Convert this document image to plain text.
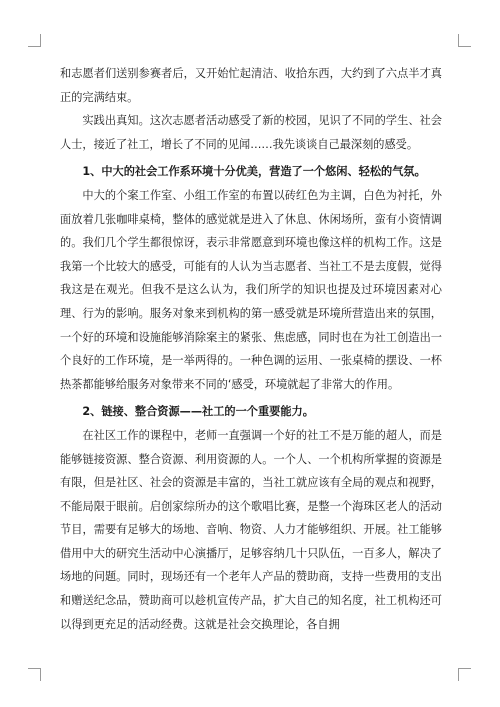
和志愿者们送别参赛者后，又开始忙起清洁、收拾东西，大约到了六点半才真正的完满结束。

实践出真知。这次志愿者活动感受了新的校园，见识了不同的学生、社会人士，接近了社工，增长了不同的见闻……我先谈谈自己最深刻的感受。

1、中大的社会工作系环境十分优美，营造了一个悠闲、轻松的气氛。

中大的个案工作室、小组工作室的布置以砖红色为主调，白色为衬托，外面放着几张咖啡桌椅，整体的感觉就是进入了休息、休闲场所，蛮有小资情调的。我们几个学生都很惊讶，表示非常愿意到环境也像这样的机构工作。这是我第一个比较大的感受，可能有的人认为当志愿者、当社工不是去度假，觉得我这是在观光。但我不是这么认为，我们所学的知识也提及过环境因素对心理、行为的影响。服务对象来到机构的第一感受就是环境所营造出来的氛围，一个好的环境和设施能够消除案主的紧张、焦虑感，同时也在为社工创造出一个良好的工作环境，是一举两得的。一种色调的运用、一张桌椅的摆设、一杯热茶都能够给服务对象带来不同的‘感受，环境就起了非常大的作用。

2、链接、整合资源——社工的一个重要能力。

在社区工作的课程中，老师一直强调一个好的社工不是万能的超人，而是能够链接资源、整合资源、利用资源的人。一个人、一个机构所掌握的资源是有限，但是社区、社会的资源是丰富的，当社工就应该有全局的观点和视野，不能局限于眼前。启创家综所办的这个歌唱比赛，是整一个海珠区老人的活动节目，需要有足够大的场地、音响、物资、人力才能够组织、开展。社工能够借用中大的研究生活动中心演播厅，足够容纳几十只队伍，一百多人，解决了场地的问题。同时，现场还有一个老年人产品的赞助商，支持一些费用的支出和赠送纪念品，赞助商可以趁机宣传产品，扩大自己的知名度，社工机构还可以得到更充足的活动经费。这就是社会交换理论，各自拥
